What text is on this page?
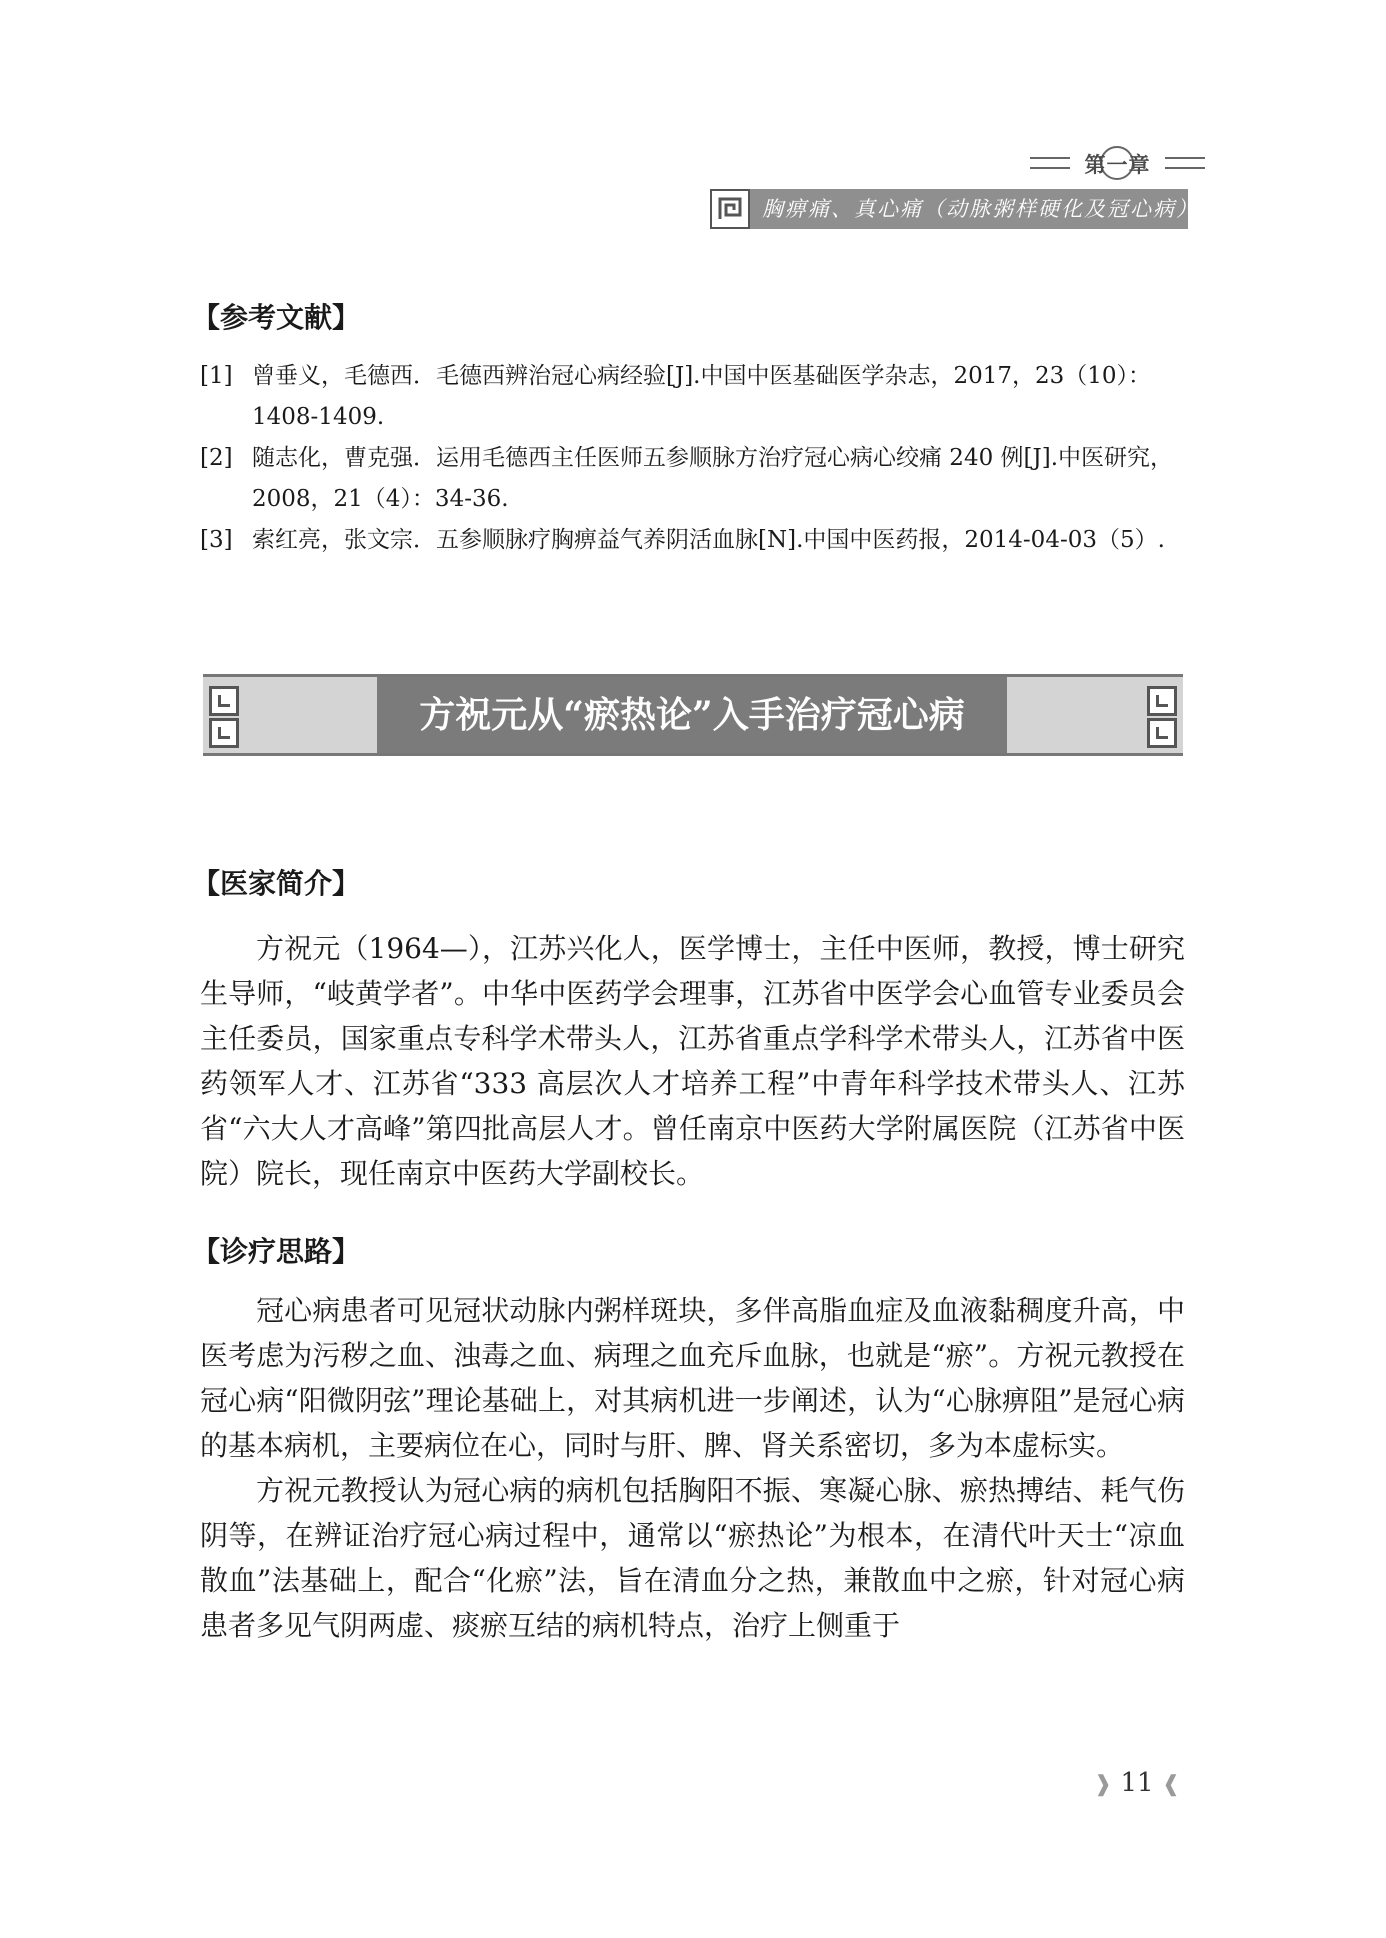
第一章
胸痹痛、真心痛（动脉粥样硬化及冠心病）
【参考文献】
[1] 曾垂义，毛德西．毛德西辨治冠心病经验[J].中国中医基础医学杂志，2017，23（10）：1408-1409.
[2] 随志化，曹克强．运用毛德西主任医师五参顺脉方治疗冠心病心绞痛 240 例[J].中医研究，2008，21（4）：34-36.
[3] 索红亮，张文宗．五参顺脉疗胸痹益气养阴活血脉[N].中国中医药报，2014-04-03（5）.
方祝元从“瘀热论”入手治疗冠心病
【医家简介】

方祝元（1964—），江苏兴化人，医学博士，主任中医师，教授，博士研究生导师，“岐黄学者”。中华中医药学会理事，江苏省中医学会心血管专业委员会主任委员，国家重点专科学术带头人，江苏省重点学科学术带头人，江苏省中医药领军人才、江苏省“333 高层次人才培养工程”中青年科学技术带头人、江苏省“六大人才高峰”第四批高层人才。曾任南京中医药大学附属医院（江苏省中医院）院长，现任南京中医药大学副校长。

【诊疗思路】

冠心病患者可见冠状动脉内粥样斑块，多伴高脂血症及血液黏稠度升高，中医考虑为污秽之血、浊毒之血、病理之血充斥血脉，也就是“瘀”。方祝元教授在冠心病“阳微阴弦”理论基础上，对其病机进一步阐述，认为“心脉痹阻”是冠心病的基本病机，主要病位在心，同时与肝、脾、肾关系密切，多为本虚标实。

方祝元教授认为冠心病的病机包括胸阳不振、寒凝心脉、瘀热搏结、耗气伤阴等，在辨证治疗冠心病过程中，通常以“瘀热论”为根本，在清代叶天士“凉血散血”法基础上，配合“化瘀”法，旨在清血分之热，兼散血中之瘀，针对冠心病患者多见气阴两虚、痰瘀互结的病机特点，治疗上侧重于

❱ 11 ❰
